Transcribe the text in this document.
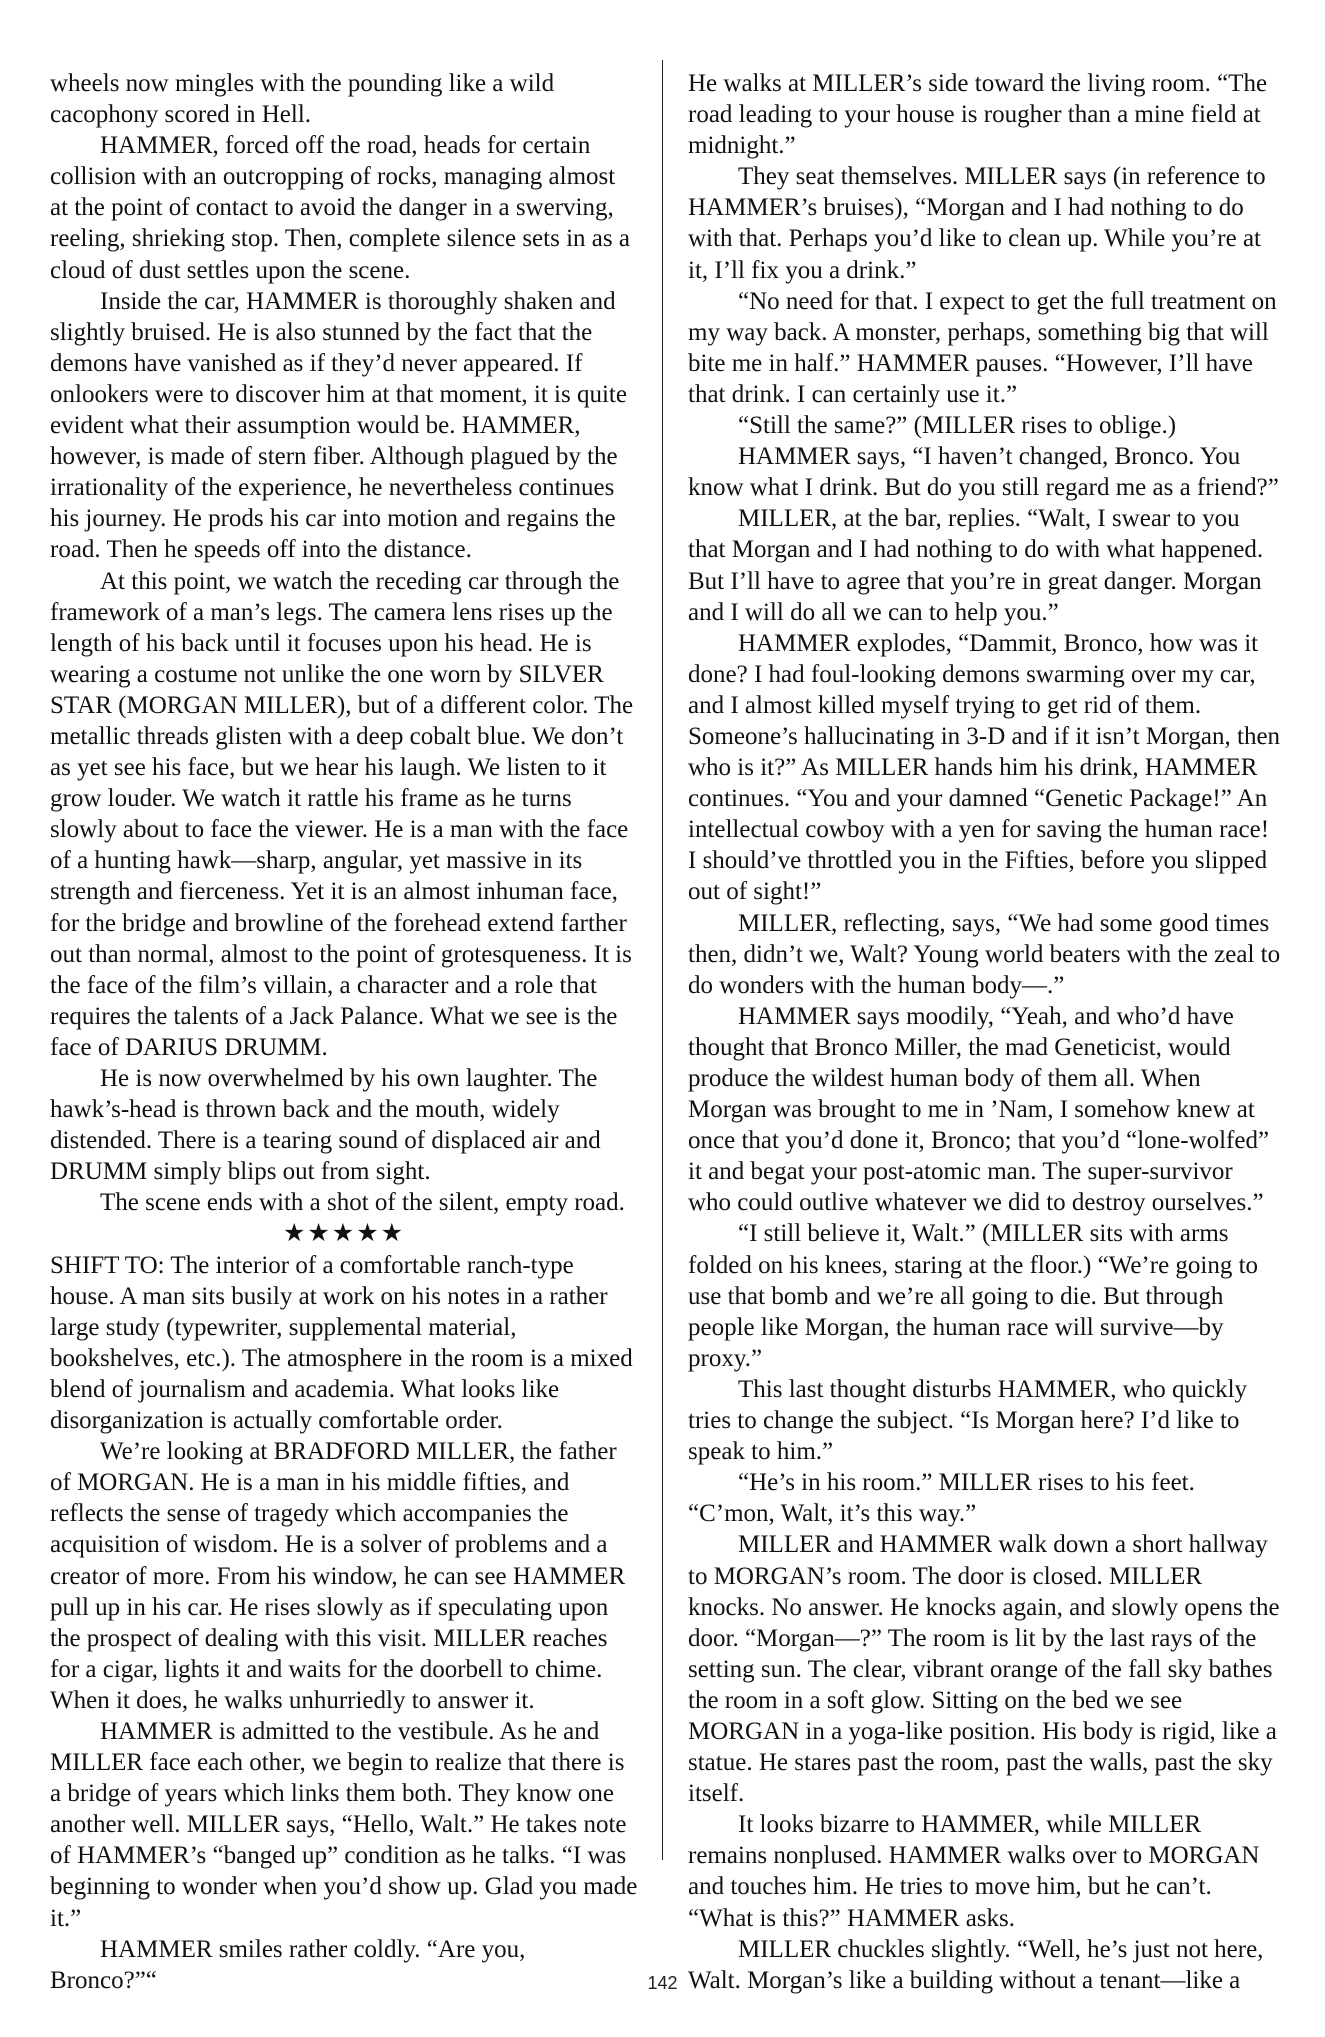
wheels now mingles with the pounding like a wild cacophony scored in Hell.

HAMMER, forced off the road, heads for certain collision with an outcropping of rocks, managing almost at the point of contact to avoid the danger in a swerving, reeling, shrieking stop. Then, complete silence sets in as a cloud of dust settles upon the scene.

Inside the car, HAMMER is thoroughly shaken and slightly bruised. He is also stunned by the fact that the demons have vanished as if they’d never appeared. If onlookers were to discover him at that moment, it is quite evident what their assumption would be. HAMMER, however, is made of stern fiber. Although plagued by the irrationality of the experience, he nevertheless continues his journey. He prods his car into motion and regains the road. Then he speeds off into the distance.

At this point, we watch the receding car through the framework of a man’s legs. The camera lens rises up the length of his back until it focuses upon his head. He is wearing a costume not unlike the one worn by SILVER STAR (MORGAN MILLER), but of a different color. The metallic threads glisten with a deep cobalt blue. We don’t as yet see his face, but we hear his laugh. We listen to it grow louder. We watch it rattle his frame as he turns slowly about to face the viewer. He is a man with the face of a hunting hawk—sharp, angular, yet massive in its strength and fierceness. Yet it is an almost inhuman face, for the bridge and browline of the forehead extend farther out than normal, almost to the point of grotesqueness. It is the face of the film’s villain, a character and a role that requires the talents of a Jack Palance. What we see is the face of DARIUS DRUMM.

He is now overwhelmed by his own laughter. The hawk’s-head is thrown back and the mouth, widely distended. There is a tearing sound of displaced air and DRUMM simply blips out from sight.

The scene ends with a shot of the silent, empty road.

★★★★★

SHIFT TO: The interior of a comfortable ranch-type house. A man sits busily at work on his notes in a rather large study (typewriter, supplemental material, bookshelves, etc.). The atmosphere in the room is a mixed blend of journalism and academia. What looks like disorganization is actually comfortable order.

We’re looking at BRADFORD MILLER, the father of MORGAN. He is a man in his middle fifties, and reflects the sense of tragedy which accompanies the acquisition of wisdom. He is a solver of problems and a creator of more. From his window, he can see HAMMER pull up in his car. He rises slowly as if speculating upon the prospect of dealing with this visit. MILLER reaches for a cigar, lights it and waits for the doorbell to chime. When it does, he walks unhurriedly to answer it.

HAMMER is admitted to the vestibule. As he and MILLER face each other, we begin to realize that there is a bridge of years which links them both. They know one another well. MILLER says, “Hello, Walt.” He takes note of HAMMER’s “banged up” condition as he talks. “I was beginning to wonder when you’d show up. Glad you made it.”

HAMMER smiles rather coldly. “Are you, Bronco?”“

He walks at MILLER’s side toward the living room. “The road leading to your house is rougher than a mine field at midnight.”

They seat themselves. MILLER says (in reference to HAMMER’s bruises), “Morgan and I had nothing to do with that. Perhaps you’d like to clean up. While you’re at it, I’ll fix you a drink.”

“No need for that. I expect to get the full treatment on my way back. A monster, perhaps, something big that will bite me in half.” HAMMER pauses. “However, I’ll have that drink. I can certainly use it.”

“Still the same?” (MILLER rises to oblige.)

HAMMER says, “I haven’t changed, Bronco. You know what I drink. But do you still regard me as a friend?”

MILLER, at the bar, replies. “Walt, I swear to you that Morgan and I had nothing to do with what happened. But I’ll have to agree that you’re in great danger. Morgan and I will do all we can to help you.”

HAMMER explodes, “Dammit, Bronco, how was it done? I had foul-looking demons swarming over my car, and I almost killed myself trying to get rid of them. Someone’s hallucinating in 3-D and if it isn’t Morgan, then who is it?” As MILLER hands him his drink, HAMMER continues. “You and your damned “Genetic Package!” An intellectual cowboy with a yen for saving the human race! I should’ve throttled you in the Fifties, before you slipped out of sight!”

MILLER, reflecting, says, “We had some good times then, didn’t we, Walt? Young world beaters with the zeal to do wonders with the human body—.”

HAMMER says moodily, “Yeah, and who’d have thought that Bronco Miller, the mad Geneticist, would produce the wildest human body of them all. When Morgan was brought to me in ’Nam, I somehow knew at once that you’d done it, Bronco; that you’d “lone-wolfed” it and begat your post-atomic man. The super-survivor who could outlive whatever we did to destroy ourselves.”

“I still believe it, Walt.” (MILLER sits with arms folded on his knees, staring at the floor.) “We’re going to use that bomb and we’re all going to die. But through people like Morgan, the human race will survive—by proxy.”

This last thought disturbs HAMMER, who quickly tries to change the subject. “Is Morgan here? I’d like to speak to him.”

“He’s in his room.” MILLER rises to his feet. “C’mon, Walt, it’s this way.”

MILLER and HAMMER walk down a short hallway to MORGAN’s room. The door is closed. MILLER knocks. No answer. He knocks again, and slowly opens the door. “Morgan—?” The room is lit by the last rays of the setting sun. The clear, vibrant orange of the fall sky bathes the room in a soft glow. Sitting on the bed we see MORGAN in a yoga-like position. His body is rigid, like a statue. He stares past the room, past the walls, past the sky itself.

It looks bizarre to HAMMER, while MILLER remains nonplused. HAMMER walks over to MORGAN and touches him. He tries to move him, but he can’t. “What is this?” HAMMER asks.

MILLER chuckles slightly. “Well, he’s just not here, Walt. Morgan’s like a building without a tenant—like a

142
